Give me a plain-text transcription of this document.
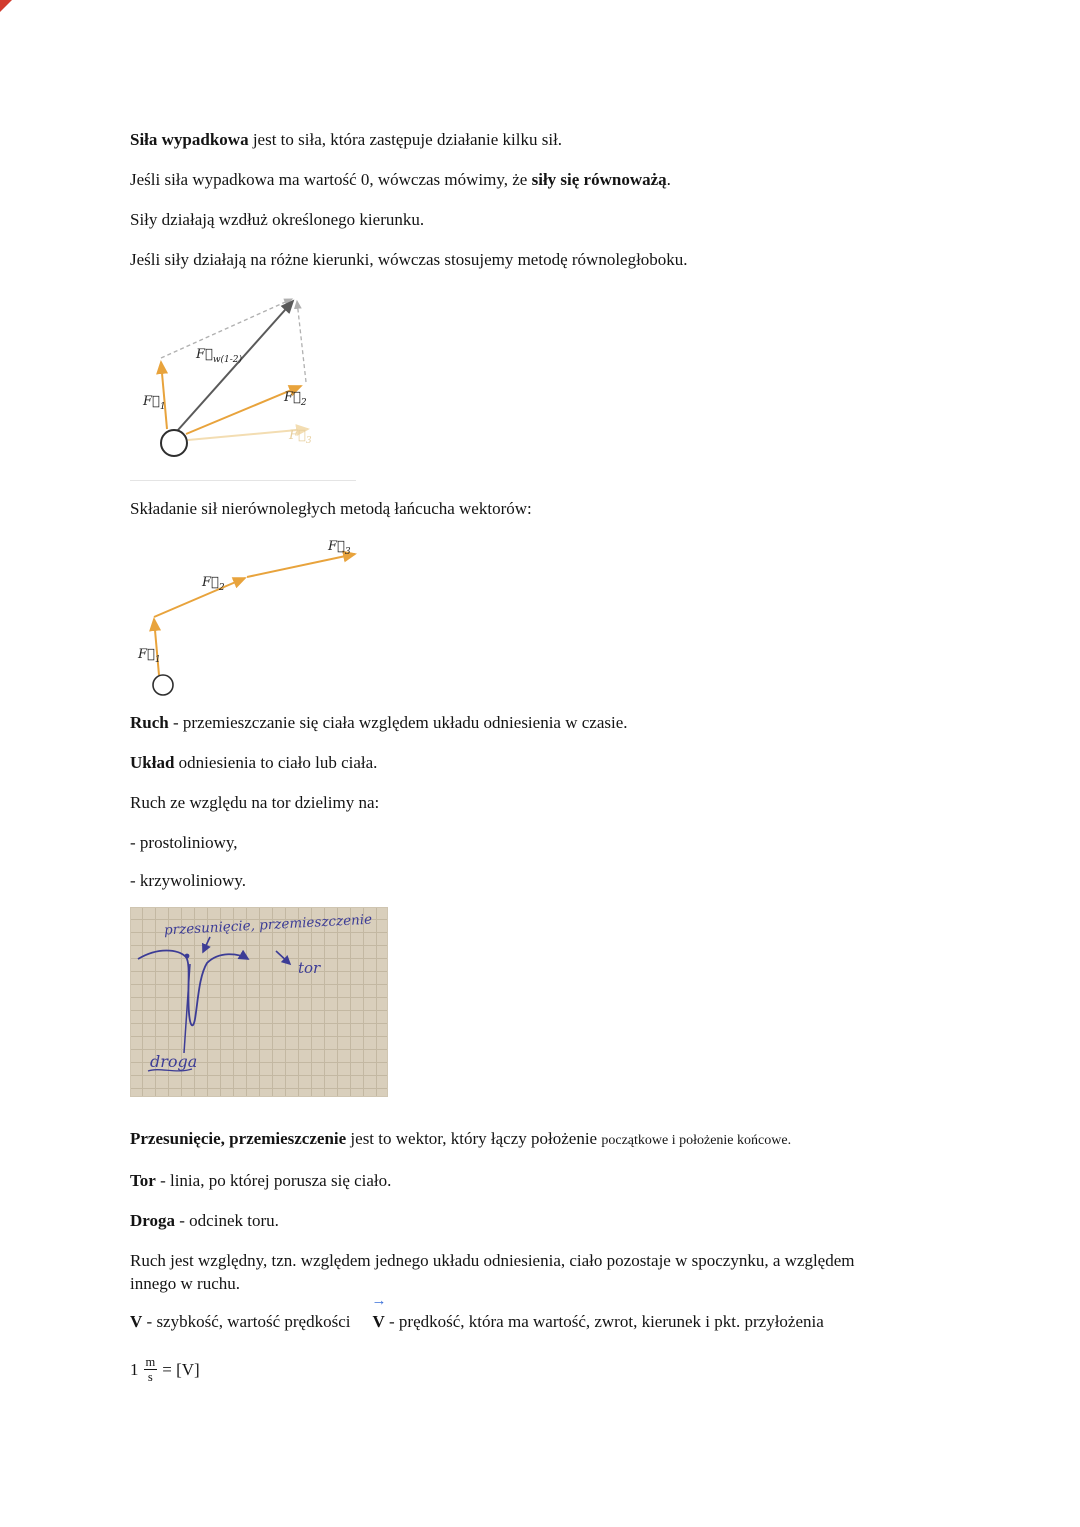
Siła wypadkowa jest to siła, która zastępuje działanie kilku sił.

Jeśli siła wypadkowa ma wartość 0, wówczas mówimy, że siły się równoważą.

Siły działają wzdłuż określonego kierunku.

Jeśli siły działają na różne kierunki, wówczas stosujemy metodę równoległoboku.

$F⃗_1$
$F⃗_{w(1-2)}$
$F⃗_2$
$F⃗_3$

Składanie sił nierównoległych metodą łańcucha wektorów:

$F⃗_1$
$F⃗_2$
$F⃗_3$

Ruch - przemieszczanie się ciała względem układu odniesienia w czasie.

Układ odniesienia to ciało lub ciała.

Ruch ze względu na tor dzielimy na:

- prostoliniowy,

- krzywoliniowy.

przesunięcie, przemieszczenie
tor
droga

Przesunięcie, przemieszczenie jest to wektor, który łączy położenie początkowe i położenie końcowe.

Tor - linia, po której porusza się ciało.

Droga - odcinek toru.

Ruch jest względny, tzn. względem jednego układu odniesienia, ciało pozostaje w spoczynku, a względem innego w ruchu.

V - szybkość, wartość prędkości
→
V - prędkość, która ma wartość, zwrot, kierunek i pkt. przyłożenia

$1 \frac{m}{s} = [V]$
